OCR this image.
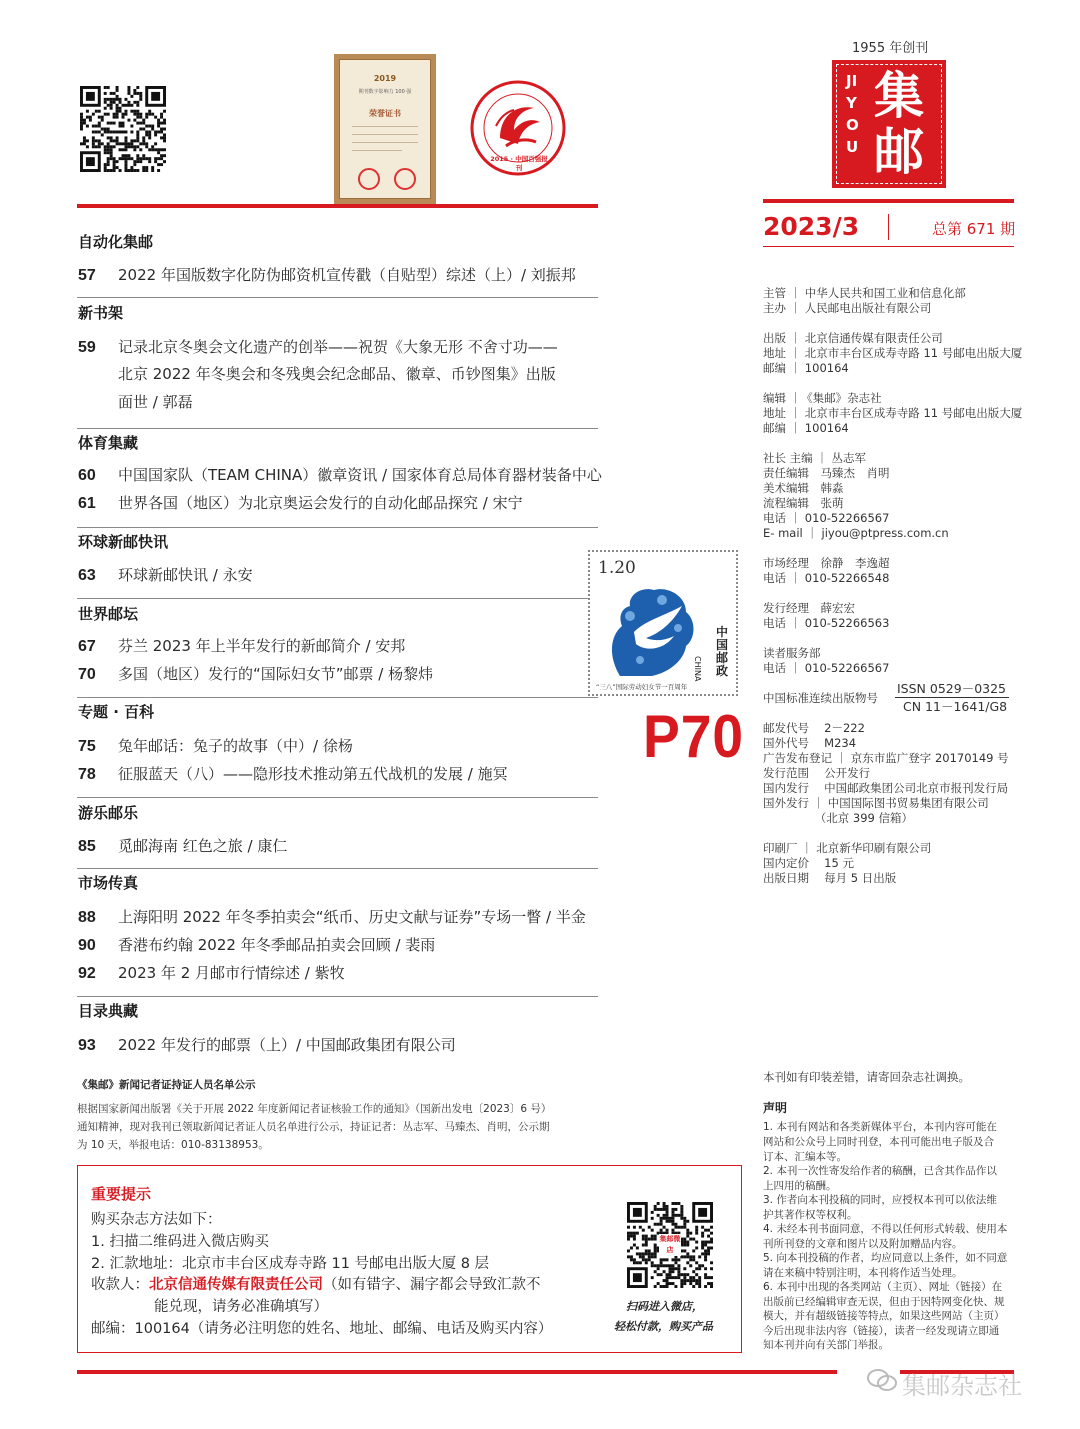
2019
期刊数字影响力 100 强
荣誉证书
2015 · 中国百强报刊
1955 年创刊
JIYOU
集邮
2023/3	总第 671 期
自动化集邮
57 2022 年国版数字化防伪邮资机宣传戳（自贴型）综述（上）/ 刘振邦
新书架
59 记录北京冬奥会文化遗产的创举——祝贺《大象无形 不舍寸功——
北京 2022 年冬奥会和冬残奥会纪念邮品、徽章、币钞图集》出版
面世 / 郭磊
体育集藏
60 中国国家队（TEAM CHINA）徽章资讯 / 国家体育总局体育器材装备中心
61 世界各国（地区）为北京奥运会发行的自动化邮品探究 / 宋宁
环球新邮快讯
63 环球新邮快讯 / 永安
世界邮坛
67 芬兰 2023 年上半年发行的新邮简介 / 安邦
70 多国（地区）发行的“国际妇女节”邮票 / 杨黎炜
专题 · 百科
75 兔年邮话：兔子的故事（中）/ 徐杨
78 征服蓝天（八）——隐形技术推动第五代战机的发展 / 施冥
游乐邮乐
85 觅邮海南 红色之旅 / 康仁
市场传真
88 上海阳明 2022 年冬季拍卖会“纸币、历史文献与证券”专场一瞥 / 半金
90 香港布约翰 2022 年冬季邮品拍卖会回顾 / 裴雨
92 2023 年 2 月邮市行情综述 / 紫牧
目录典藏
93 2022 年发行的邮票（上）/ 中国邮政集团有限公司
1.20
中国邮政
CHINA
“三八”国际劳动妇女节一百周年
P70
主管 ｜ 中华人民共和国工业和信息化部
主办 ｜ 人民邮电出版社有限公司
出版 ｜ 北京信通传媒有限责任公司
地址 ｜ 北京市丰台区成寿寺路 11 号邮电出版大厦
邮编 ｜ 100164
编辑 ｜《集邮》杂志社
地址 ｜ 北京市丰台区成寿寺路 11 号邮电出版大厦
邮编 ｜ 100164
社长 主编 ｜ 丛志军
责任编辑　马臻杰　肖明
美术编辑　韩淼
流程编辑　张萌
电话 ｜ 010-52266567
E- mail ｜ jiyou@ptpress.com.cn
市场经理　徐静　李逸超
电话 ｜ 010-52266548
发行经理　薛宏宏
电话 ｜ 010-52266563
读者服务部
电话 ｜ 010-52266567
中国标准连续出版物号
ISSN 0529－0325
CN 11－1641/G8
邮发代号　 2－222
国外代号　 M234
广告发布登记 ｜ 京东市监广登字 20170149 号
发行范围　 公开发行
国内发行　 中国邮政集团公司北京市报刊发行局
国外发行 ｜ 中国国际图书贸易集团有限公司
　　　　　（北京 399 信箱）
印刷厂 ｜ 北京新华印刷有限公司
国内定价　 15 元
出版日期　 每月 5 日出版
本刊如有印装差错，请寄回杂志社调换。
声明
1. 本刊有网站和各类新媒体平台，本刊内容可能在
网站和公众号上同时刊登，本刊可能出电子版及合
订本、汇编本等。
2. 本刊一次性寄发给作者的稿酬，已含其作品作以
上四用的稿酬。
3. 作者向本刊投稿的同时，应授权本刊可以依法维
护其著作权等权利。
4. 未经本刊书面同意，不得以任何形式转载、使用本
刊所刊登的文章和图片以及附加赠品内容。
5. 向本刊投稿的作者，均应同意以上条件，如不同意
请在来稿中特别注明，本刊将作适当处理。
6. 本刊中出现的各类网站（主页）、网址（链接）在
出版前已经编辑审查无误，但由于因特网变化快、规
模大，并有超级链接等特点，如果这些网站（主页）
今后出现非法内容（链接），读者一经发现请立即通
知本刊并向有关部门举报。
《集邮》新闻记者证持证人员名单公示
根据国家新闻出版署《关于开展 2022 年度新闻记者证核验工作的通知》（国新出发电〔2023〕6 号）
通知精神，现对我刊已领取新闻记者证人员名单进行公示，持证记者：丛志军、马臻杰、肖明，公示期
为 10 天，举报电话：010-83138953。
重要提示
购买杂志方法如下：
1. 扫描二维码进入微店购买
2. 汇款地址：北京市丰台区成寿寺路 11 号邮电出版大厦 8 层
收款人：北京信通传媒有限责任公司（如有错字、漏字都会导致汇款不
能兑现，请务必准确填写）
邮编：100164（请务必注明您的姓名、地址、邮编、电话及购买内容）
集邮微店
扫码进入微店，
轻松付款，购买产品
集邮杂志社
